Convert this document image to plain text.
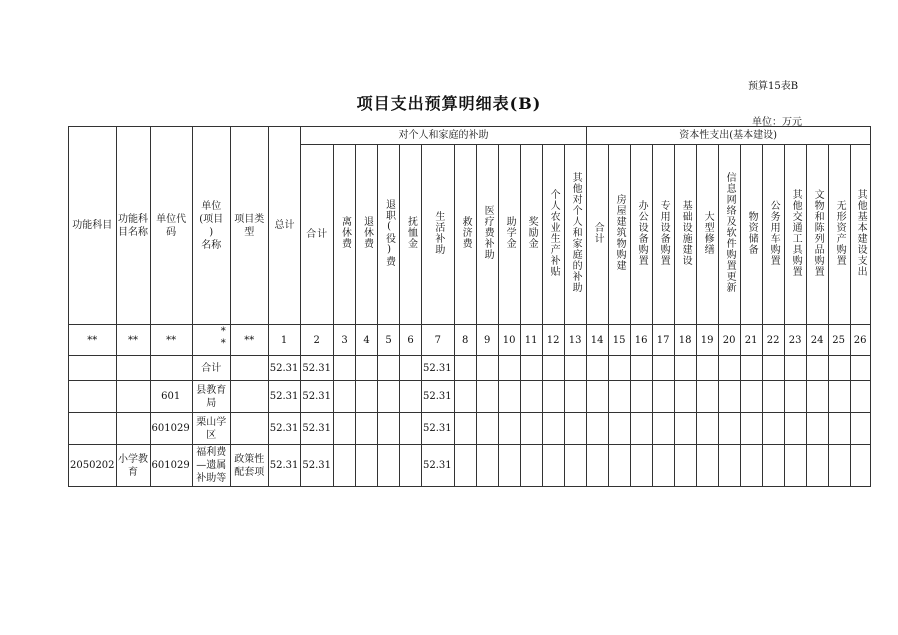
预算15表B
项目支出预算明细表(B)
单位：万元
功能科目	功能科目名称	单位代码	单位
(项目
)
名称	项目类型	总计	对个人和家庭的补助												资本性支出(基本建设)												
						合计	离休费	退休费	退职(役)费	抚恤金	生活补助	救济费	医疗费补助	助学金	奖励金	个人农业生产补贴	其他对个人和家庭的补助	合计	房屋建筑物购建	办公设备购置	专用设备购置	基础设施建设	大型修缮	信息网络及软件购置更新	物资储备	公务用车购置	其他交通工具购置	文物和陈列品购置	无形资产购置	其他基本建设支出
**	**	**	**	**	1	2	3	4	5	6	7	8	9	10	11	12	13	14	15	16	17	18	19	20	21	22	23	24	25	26
			合计		52.31	52.31					52.31																			
		601	县教育局		52.31	52.31					52.31																			
		601029	栗山学区		52.31	52.31					52.31																			
2050202	小学教育	601029	福利费—遗属补助等	政策性配套项	52.31	52.31					52.31																			
